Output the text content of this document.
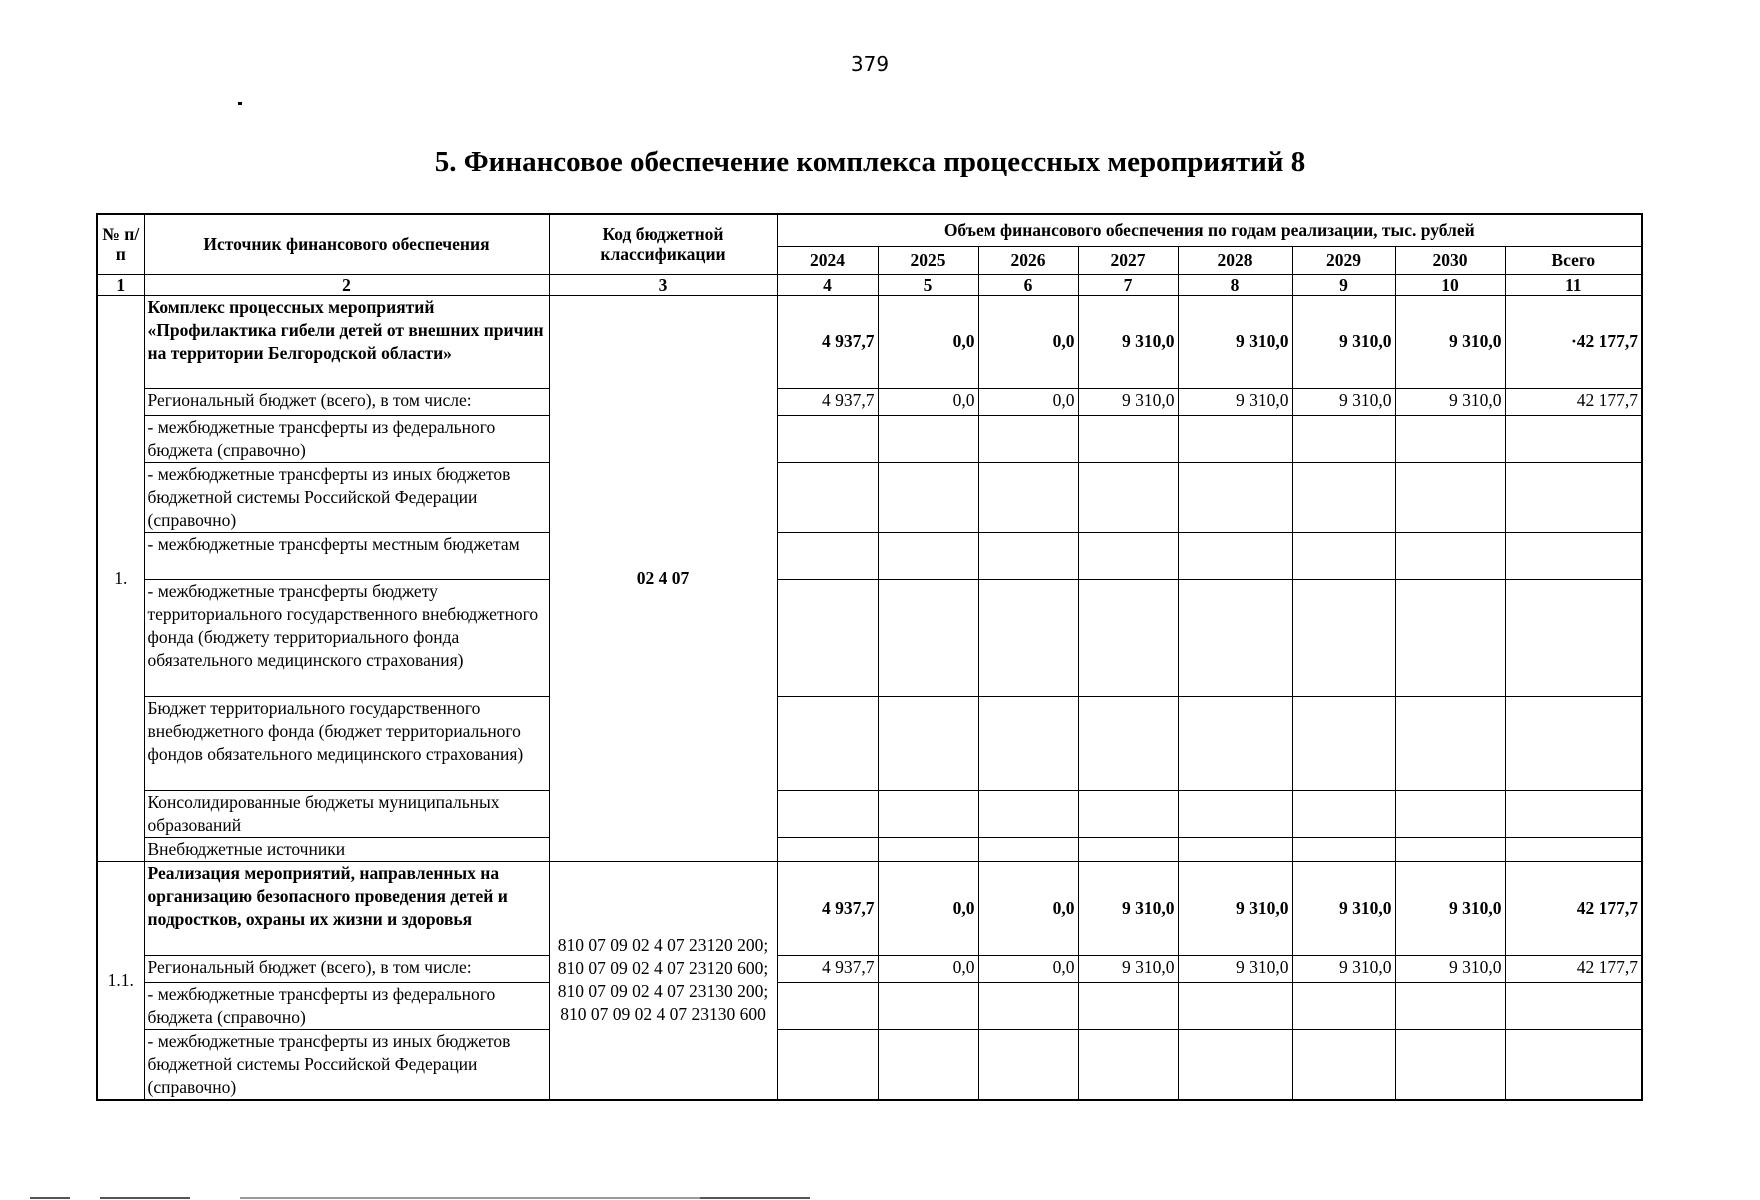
379
5. Финансовое обеспечение комплекса процессных мероприятий 8
№ п/п	Источник финансового обеспечения	Код бюджетной классификации	Объем финансового обеспечения по годам реализации, тыс. рублей							
			2024	2025	2026	2027	2028	2029	2030	Всего
1	2	3	4	5	6	7	8	9	10	11
1.	Комплекс процессных мероприятий «Профилактика гибели детей от внешних причин на территории Белгородской области»	02 4 07	4 937,7	0,0	0,0	9 310,0	9 310,0	9 310,0	9 310,0	·42 177,7
	Региональный бюджет (всего), в том числе:		4 937,7	0,0	0,0	9 310,0	9 310,0	9 310,0	9 310,0	42 177,7
	- межбюджетные трансферты из федерального бюджета (справочно)									
	- межбюджетные трансферты из иных бюджетов бюджетной системы Российской Федерации (справочно)									
	- межбюджетные трансферты местным бюджетам									
	- межбюджетные трансферты бюджету территориального государственного внебюджетного фонда (бюджету территориального фонда обязательного медицинского страхования)									
	Бюджет территориального государственного внебюджетного фонда (бюджет территориального фондов обязательного медицинского страхования)									
	Консолидированные бюджеты муниципальных образований									
	Внебюджетные источники									
1.1.	Реализация мероприятий, направленных на организацию безопасного проведения детей и подростков, охраны их жизни и здоровья	810 07 09 02 4 07 23120 200; 810 07 09 02 4 07 23120 600; 810 07 09 02 4 07 23130 200; 810 07 09 02 4 07 23130 600	4 937,7	0,0	0,0	9 310,0	9 310,0	9 310,0	9 310,0	42 177,7
	Региональный бюджет (всего), в том числе:		4 937,7	0,0	0,0	9 310,0	9 310,0	9 310,0	9 310,0	42 177,7
	- межбюджетные трансферты из федерального бюджета (справочно)									
	- межбюджетные трансферты из иных бюджетов бюджетной системы Российской Федерации (справочно)									
